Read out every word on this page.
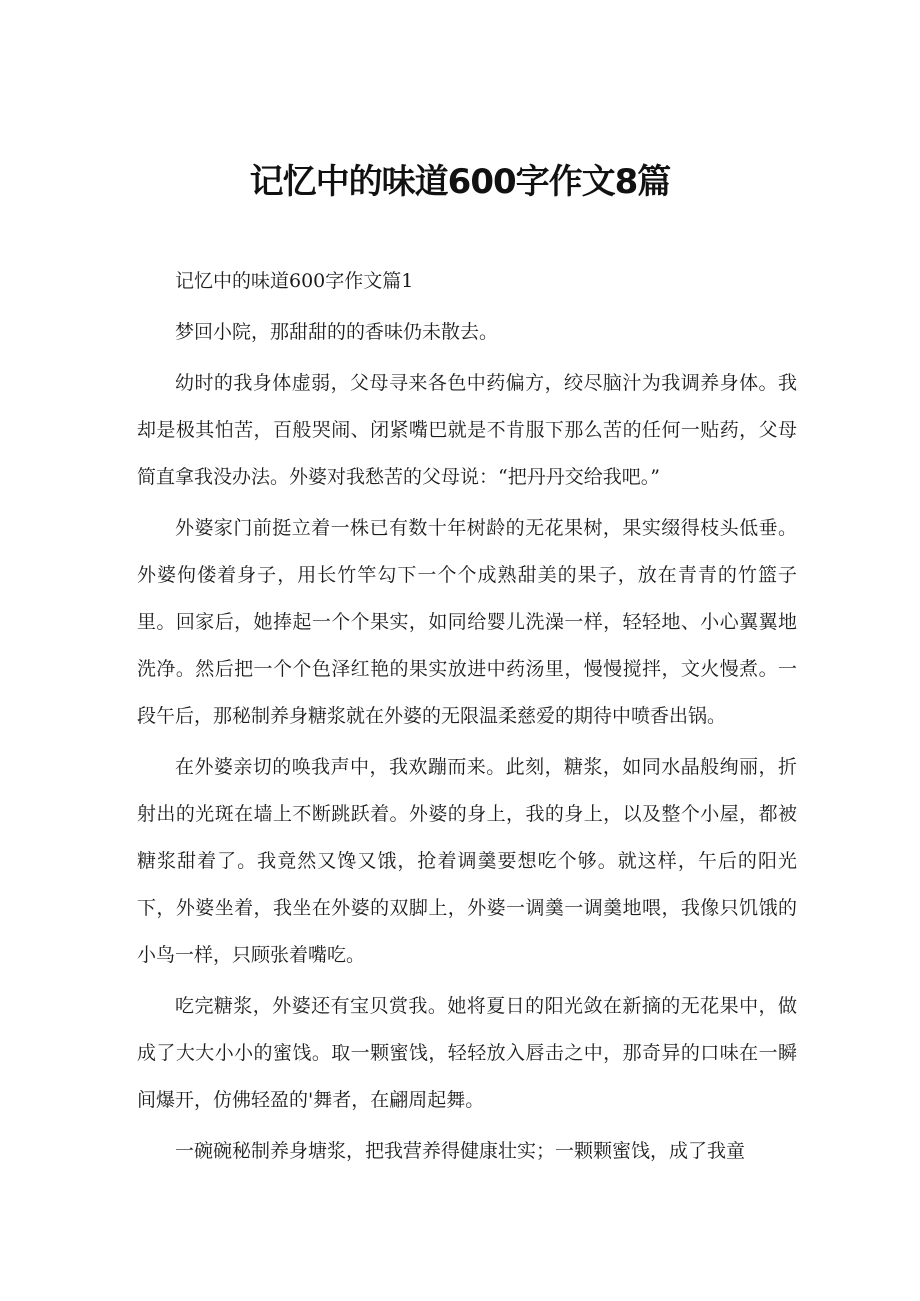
记忆中的味道600字作文8篇

记忆中的味道600字作文篇1

梦回小院，那甜甜的的香味仍未散去。

幼时的我身体虚弱，父母寻来各色中药偏方，绞尽脑汁为我调养身体。我却是极其怕苦，百般哭闹、闭紧嘴巴就是不肯服下那么苦的任何一贴药，父母简直拿我没办法。外婆对我愁苦的父母说：“把丹丹交给我吧。”

外婆家门前挺立着一株已有数十年树龄的无花果树，果实缀得枝头低垂。外婆佝偻着身子，用长竹竿勾下一个个成熟甜美的果子，放在青青的竹篮子里。回家后，她捧起一个个果实，如同给婴儿洗澡一样，轻轻地、小心翼翼地洗净。然后把一个个色泽红艳的果实放进中药汤里，慢慢搅拌，文火慢煮。一段午后，那秘制养身糖浆就在外婆的无限温柔慈爱的期待中喷香出锅。

在外婆亲切的唤我声中，我欢蹦而来。此刻，糖浆，如同水晶般绚丽，折射出的光斑在墙上不断跳跃着。外婆的身上，我的身上，以及整个小屋，都被糖浆甜着了。我竟然又馋又饿，抢着调羹要想吃个够。就这样，午后的阳光下，外婆坐着，我坐在外婆的双脚上，外婆一调羹一调羹地喂，我像只饥饿的小鸟一样，只顾张着嘴吃。

吃完糖浆，外婆还有宝贝赏我。她将夏日的阳光敛在新摘的无花果中，做成了大大小小的蜜饯。取一颗蜜饯，轻轻放入唇击之中，那奇异的口味在一瞬间爆开，仿佛轻盈的'舞者，在翩周起舞。

一碗碗秘制养身塘浆，把我营养得健康壮实；一颗颗蜜饯，成了我童
